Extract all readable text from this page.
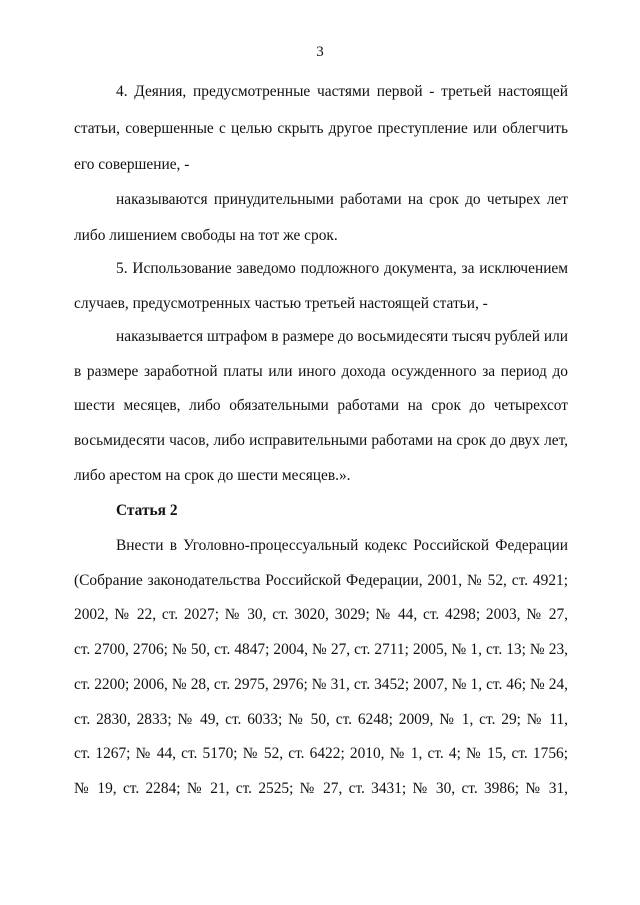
3
4. Деяния, предусмотренные частями первой - третьей настоящей
статьи, совершенные с целью скрыть другое преступление или облегчить
его совершение, -
наказываются принудительными работами на срок до четырех лет
либо лишением свободы на тот же срок.
5. Использование заведомо подложного документа, за исключением
случаев, предусмотренных частью третьей настоящей статьи, -
наказывается штрафом в размере до восьмидесяти тысяч рублей или
в размере заработной платы или иного дохода осужденного за период до
шести месяцев, либо обязательными работами на срок до четырехсот
восьмидесяти часов, либо исправительными работами на срок до двух лет,
либо арестом на срок до шести месяцев.».
Статья 2
Внести в Уголовно-процессуальный кодекс Российской Федерации
(Собрание законодательства Российской Федерации, 2001, № 52, ст. 4921;
2002, № 22, ст. 2027; № 30, ст. 3020, 3029; № 44, ст. 4298; 2003, № 27,
ст. 2700, 2706; № 50, ст. 4847; 2004, № 27, ст. 2711; 2005, № 1, ст. 13; № 23,
ст. 2200; 2006, № 28, ст. 2975, 2976; № 31, ст. 3452; 2007, № 1, ст. 46; № 24,
ст. 2830, 2833; № 49, ст. 6033; № 50, ст. 6248; 2009, № 1, ст. 29; № 11,
ст. 1267; № 44, ст. 5170; № 52, ст. 6422; 2010, № 1, ст. 4; № 15, ст. 1756;
№ 19, ст. 2284; № 21, ст. 2525; № 27, ст. 3431; № 30, ст. 3986; № 31,
